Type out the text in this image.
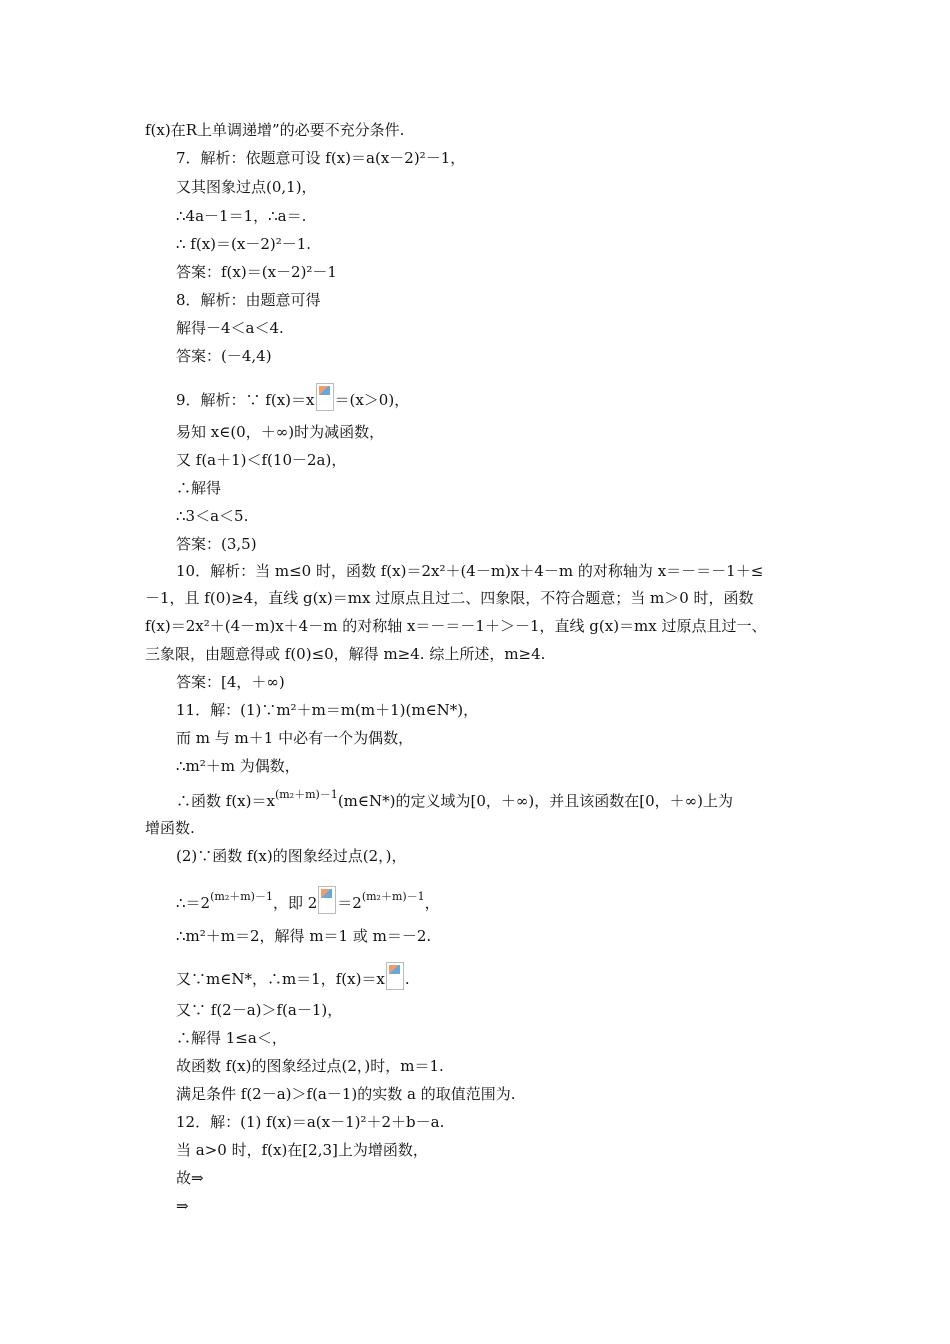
f(x)在R上单调递增”的必要不充分条件.
7．解析：依题意可设 f(x)＝a(x－2)²－1，
又其图象过点(0,1)，
∴4a－1＝1，∴a＝.
∴ f(x)＝(x－2)²－1.
答案：f(x)＝(x－2)²－1
8．解析：由题意可得
解得－4＜a＜4.
答案：(－4,4)
9．解析：∵ f(x)＝x ＝(x＞0)，
易知 x∈(0，＋∞)时为减函数，
又 f(a＋1)＜f(10－2a)，
∴解得
∴3＜a＜5.
答案：(3,5)
10．解析：当 m≤0 时，函数 f(x)＝2x²＋(4－m)x＋4－m 的对称轴为 x＝－＝－1＋≤
－1，且 f(0)≥4，直线 g(x)＝mx 过原点且过二、四象限，不符合题意；当 m＞0 时，函数
f(x)＝2x²＋(4－m)x＋4－m 的对称轴 x＝－＝－1＋＞－1，直线 g(x)＝mx 过原点且过一、
三象限，由题意得或 f(0)≤0，解得 m≥4. 综上所述，m≥4.
答案：[4，＋∞)
11．解：(1)∵m²＋m＝m(m＋1)(m∈N*)，
而 m 与 m＋1 中必有一个为偶数，
∴m²＋m 为偶数，
∴函数 $f(x)=x^{(m_2+m)-1}(m\in N*)$的定义域为[0，＋∞)，并且该函数在[0，＋∞)上为
增函数.
(2)∵函数 f(x)的图象经过点(2，)，
$\therefore=2^{(m_2+m)-1}$，即 $2 =2^{(m_2+m)-1}$，
∴m²＋m＝2，解得 m＝1 或 m＝－2.
又∵m∈N*，∴m＝1，f(x)＝x .
又∵ f(2－a)＞f(a－1)，
∴解得 1≤a＜，
故函数 f(x)的图象经过点(2，)时，m＝1.
满足条件 f(2－a)＞f(a－1)的实数 a 的取值范围为.
12．解：(1) f(x)＝a(x－1)²＋2＋b－a.
当 a>0 时，f(x)在[2,3]上为增函数，
故⇒
⇒
